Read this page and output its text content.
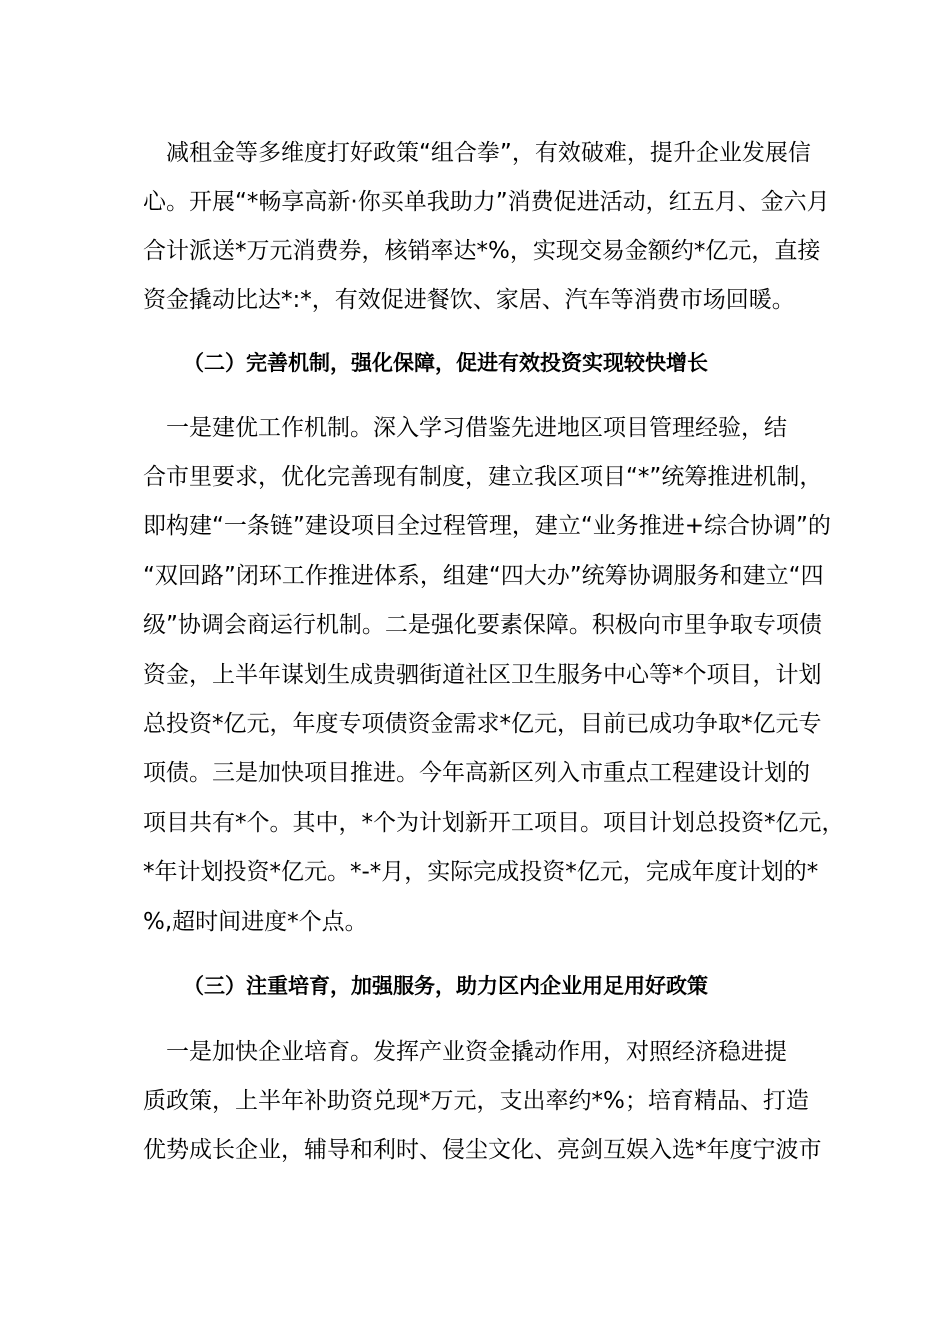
　减租金等多维度打好政策“组合拳”，有效破难，提升企业发展信
心。开展“*畅享高新·你买单我助力”消费促进活动，红五月、金六月
合计派送*万元消费券，核销率达*%，实现交易金额约*亿元，直接
资金撬动比达*:*，有效促进餐饮、家居、汽车等消费市场回暖。
（二）完善机制，强化保障，促进有效投资实现较快增长
　一是建优工作机制。深入学习借鉴先进地区项目管理经验，结
合市里要求，优化完善现有制度，建立我区项目“*”统筹推进机制，
即构建“一条链”建设项目全过程管理，建立“业务推进+综合协调”的
“双回路”闭环工作推进体系，组建“四大办”统筹协调服务和建立“四
级”协调会商运行机制。二是强化要素保障。积极向市里争取专项债
资金，上半年谋划生成贵驷街道社区卫生服务中心等*个项目，计划
总投资*亿元，年度专项债资金需求*亿元，目前已成功争取*亿元专
项债。三是加快项目推进。今年高新区列入市重点工程建设计划的
项目共有*个。其中，*个为计划新开工项目。项目计划总投资*亿元，
*年计划投资*亿元。*-*月，实际完成投资*亿元，完成年度计划的*
%,超时间进度*个点。
（三）注重培育，加强服务，助力区内企业用足用好政策
　一是加快企业培育。发挥产业资金撬动作用，对照经济稳进提
质政策，上半年补助资兑现*万元，支出率约*%；培育精品、打造
优势成长企业，辅导和利时、侵尘文化、亮剑互娱入选*年度宁波市
